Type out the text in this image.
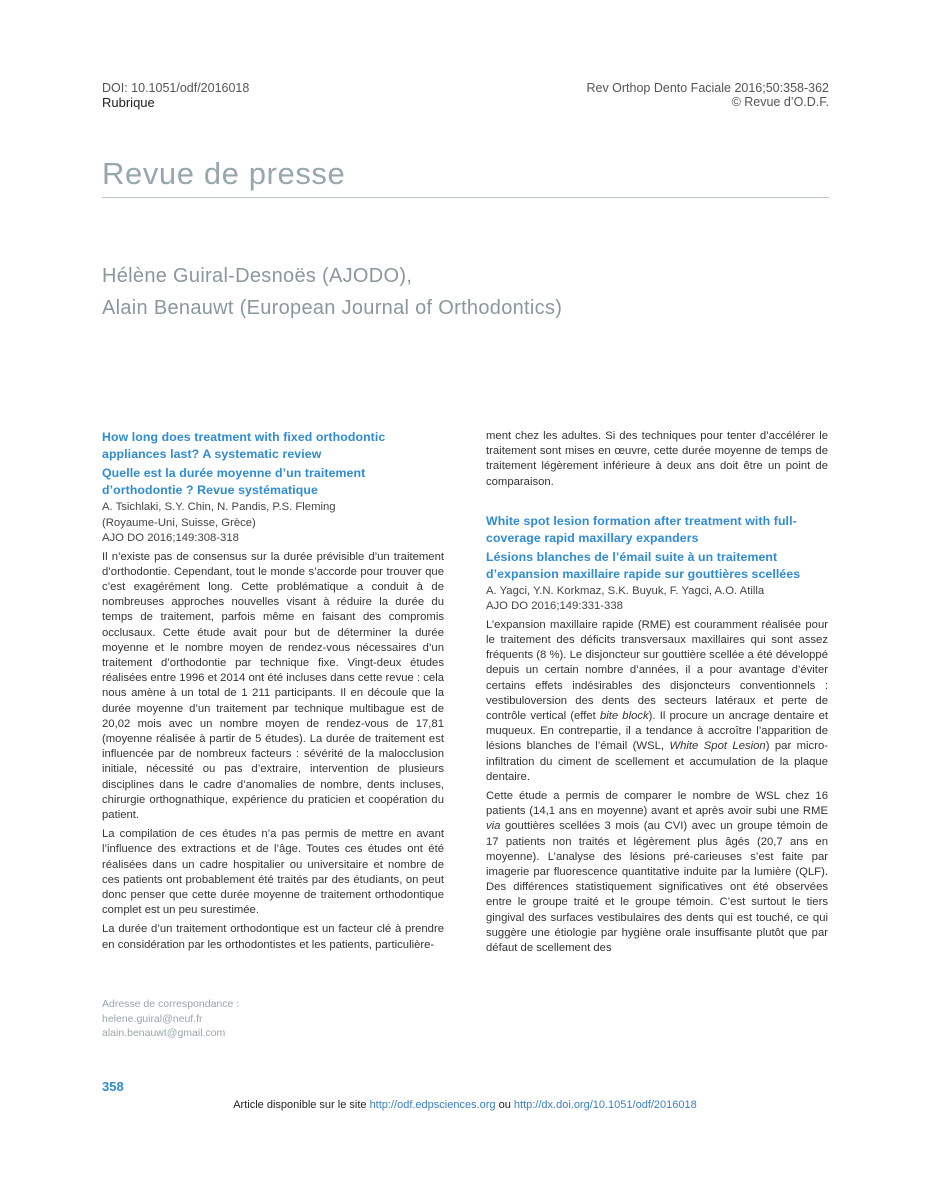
DOI: 10.1051/odf/2016018
Rubrique
Rev Orthop Dento Faciale 2016;50:358-362
© Revue d’O.D.F.
Revue de presse
Hélène Guiral-Desnoës (AJODO),
Alain Benauwt (European Journal of Orthodontics)
How long does treatment with fixed orthodontic appliances last? A systematic review
Quelle est la durée moyenne d’un traitement d’orthodontie ? Revue systématique
A. Tsichlaki, S.Y. Chin, N. Pandis, P.S. Fleming
(Royaume-Uni, Suisse, Grèce)
AJO DO 2016;149:308-318

Il n’existe pas de consensus sur la durée prévisible d’un traitement d’orthodontie. Cependant, tout le monde s’accorde pour trouver que c’est exagérément long. Cette problématique a conduit à de nombreuses approches nouvelles visant à réduire la durée du temps de traitement, parfois même en faisant des compromis occlusaux. Cette étude avait pour but de déterminer la durée moyenne et le nombre moyen de rendez-vous nécessaires d’un traitement d’orthodontie par technique fixe. Vingt-deux études réalisées entre 1996 et 2014 ont été incluses dans cette revue : cela nous amène à un total de 1 211 participants. Il en découle que la durée moyenne d’un traitement par technique multibague est de 20,02 mois avec un nombre moyen de rendez-vous de 17,81 (moyenne réalisée à partir de 5 études). La durée de traitement est influencée par de nombreux facteurs : sévérité de la malocclusion initiale, nécessité ou pas d’extraire, intervention de plusieurs disciplines dans le cadre d’anomalies de nombre, dents incluses, chirurgie orthognathique, expérience du praticien et coopération du patient.

La compilation de ces études n’a pas permis de mettre en avant l’influence des extractions et de l’âge. Toutes ces études ont été réalisées dans un cadre hospitalier ou universitaire et nombre de ces patients ont probablement été traités par des étudiants, on peut donc penser que cette durée moyenne de traitement orthodontique complet est un peu surestimée.

La durée d’un traitement orthodontique est un facteur clé à prendre en considération par les orthodontistes et les patients, particulière-

ment chez les adultes. Si des techniques pour tenter d’accélérer le traitement sont mises en œuvre, cette durée moyenne de temps de traitement légèrement inférieure à deux ans doit être un point de comparaison.

White spot lesion formation after treatment with full-coverage rapid maxillary expanders
Lésions blanches de l’émail suite à un traitement d’expansion maxillaire rapide sur gouttières scellées
A. Yagci, Y.N. Korkmaz, S.K. Buyuk, F. Yagci, A.O. Atilla
AJO DO 2016;149:331-338

L’expansion maxillaire rapide (RME) est couramment réalisée pour le traitement des déficits transversaux maxillaires qui sont assez fréquents (8 %). Le disjoncteur sur gouttière scellée a été développé depuis un certain nombre d’années, il a pour avantage d’éviter certains effets indésirables des disjoncteurs conventionnels : vestibuloversion des dents des secteurs latéraux et perte de contrôle vertical (effet bite block). Il procure un ancrage dentaire et muqueux. En contrepartie, il a tendance à accroître l’apparition de lésions blanches de l’émail (WSL, White Spot Lesion) par micro-infiltration du ciment de scellement et accumulation de la plaque dentaire.

Cette étude a permis de comparer le nombre de WSL chez 16 patients (14,1 ans en moyenne) avant et après avoir subi une RME via gouttières scellées 3 mois (au CVI) avec un groupe témoin de 17 patients non traités et légèrement plus âgés (20,7 ans en moyenne). L’analyse des lésions pré-carieuses s’est faite par imagerie par fluorescence quantitative induite par la lumière (QLF). Des différences statistiquement significatives ont été observées entre le groupe traité et le groupe témoin. C’est surtout le tiers gingival des surfaces vestibulaires des dents qui est touché, ce qui suggère une étiologie par hygiène orale insuffisante plutôt que par défaut de scellement des

Adresse de correspondance :
helene.guiral@neuf.fr
alain.benauwt@gmail.com
358
Article disponible sur le site http://odf.edpsciences.org ou http://dx.doi.org/10.1051/odf/2016018
